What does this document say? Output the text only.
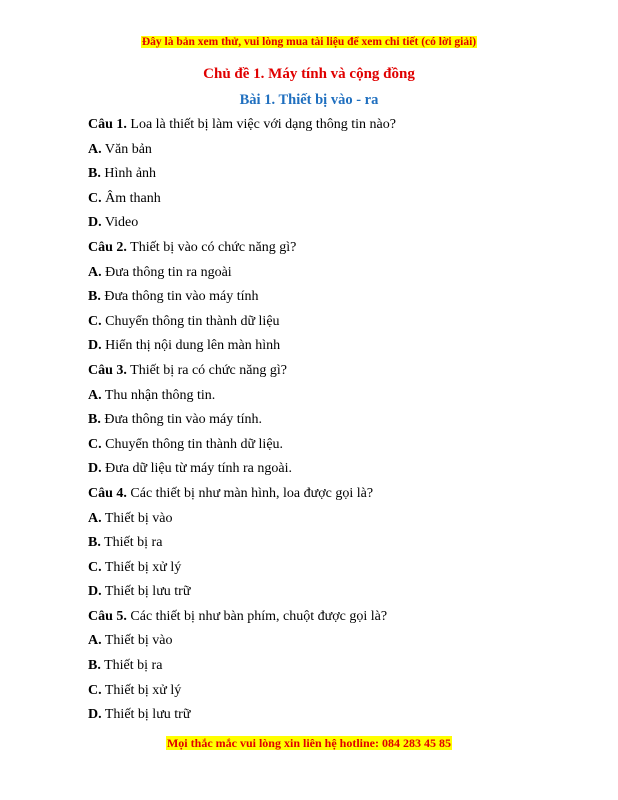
Đây là bản xem thử, vui lòng mua tài liệu để xem chi tiết (có lời giải)
Chủ đề 1. Máy tính và cộng đồng
Bài 1. Thiết bị vào - ra
Câu 1. Loa là thiết bị làm việc với dạng thông tin nào?
A. Văn bản
B. Hình ảnh
C. Âm thanh
D. Video
Câu 2. Thiết bị vào có chức năng gì?
A. Đưa thông tin ra ngoài
B. Đưa thông tin vào máy tính
C. Chuyển thông tin thành dữ liệu
D. Hiển thị nội dung lên màn hình
Câu 3. Thiết bị ra có chức năng gì?
A. Thu nhận thông tin.
B. Đưa thông tin vào máy tính.
C. Chuyển thông tin thành dữ liệu.
D. Đưa dữ liệu từ máy tính ra ngoài.
Câu 4. Các thiết bị như màn hình, loa được gọi là?
A. Thiết bị vào
B. Thiết bị ra
C. Thiết bị xử lý
D. Thiết bị lưu trữ
Câu 5. Các thiết bị như bàn phím, chuột được gọi là?
A. Thiết bị vào
B. Thiết bị ra
C. Thiết bị xử lý
D. Thiết bị lưu trữ
Mọi thắc mắc vui lòng xin liên hệ hotline: 084 283 45 85
